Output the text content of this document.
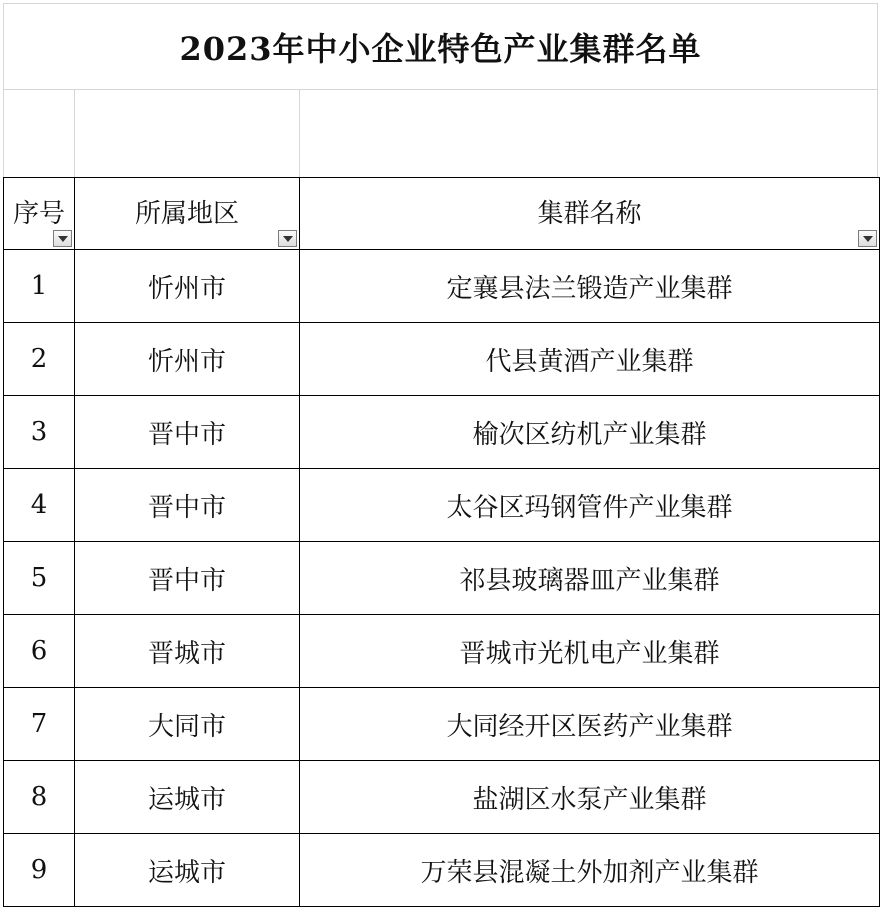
2023年中小企业特色产业集群名单
序号	所属地区	集群名称

1	忻州市	定襄县法兰锻造产业集群
2	忻州市	代县黄酒产业集群
3	晋中市	榆次区纺机产业集群
4	晋中市	太谷区玛钢管件产业集群
5	晋中市	祁县玻璃器皿产业集群
6	晋城市	晋城市光机电产业集群
7	大同市	大同经开区医药产业集群
8	运城市	盐湖区水泵产业集群
9	运城市	万荣县混凝土外加剂产业集群
